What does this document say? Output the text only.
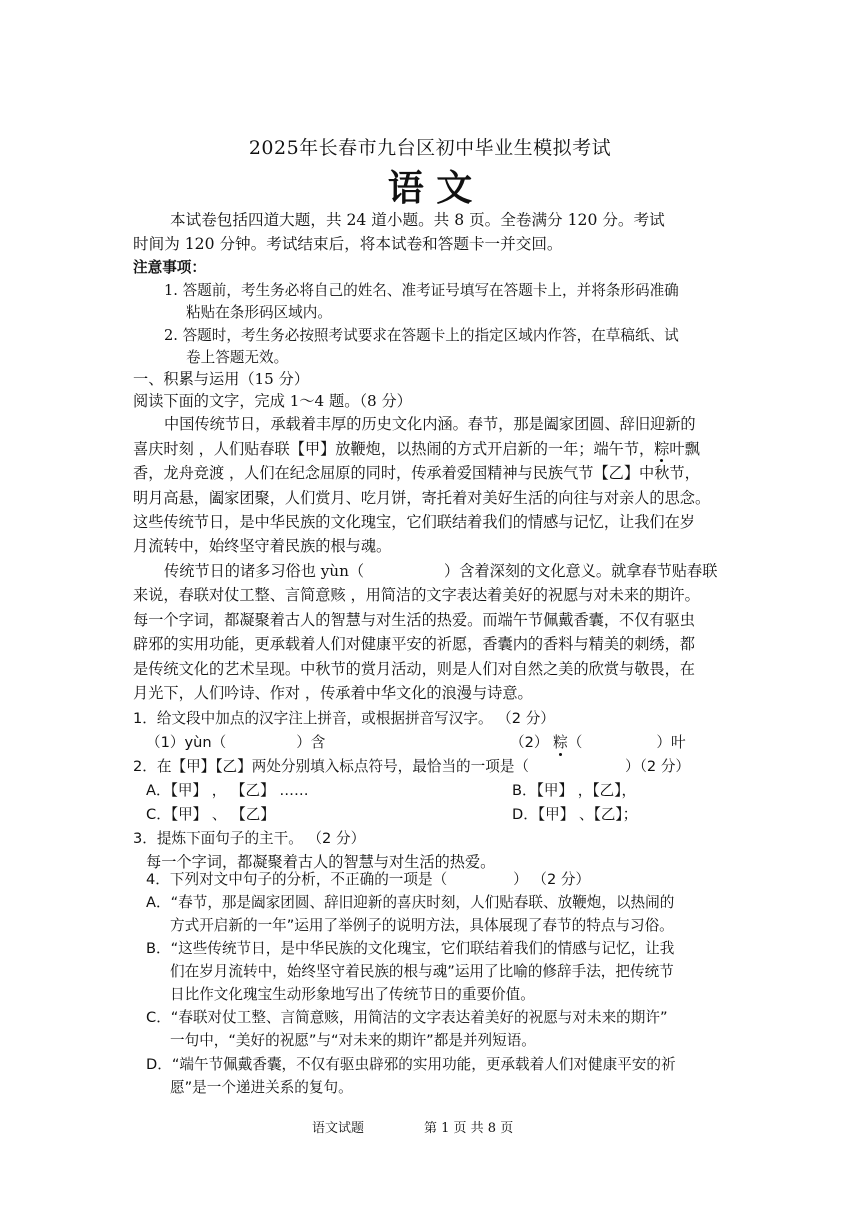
2025年长春市九台区初中毕业生模拟考试
语 文
本试卷包括四道大题，共 24 道小题。共 8 页。全卷满分 120 分。考试
时间为 120 分钟。考试结束后，将本试卷和答题卡一并交回。
注意事项：
1. 答题前，考生务必将自己的姓名、准考证号填写在答题卡上，并将条形码准确
粘贴在条形码区域内。
2. 答题时，考生务必按照考试要求在答题卡上的指定区域内作答，在草稿纸、试
卷上答题无效。
一、积累与运用（15 分）
阅读下面的文字，完成 1～4 题。（8 分）
中国传统节日，承载着丰厚的历史文化内涵。春节，那是阖家团圆、辞旧迎新的
喜庆时刻 ，人们贴春联【甲】放鞭炮，以热闹的方式开启新的一年；端午节，粽叶飘
香，龙舟竞渡 ，人们在纪念屈原的同时，传承着爱国精神与民族气节【乙】中秋节，
明月高悬，阖家团聚，人们赏月、吃月饼，寄托着对美好生活的向往与对亲人的思念。
这些传统节日，是中华民族的文化瑰宝，它们联结着我们的情感与记忆，让我们在岁
月流转中，始终坚守着民族的根与魂。
传统节日的诸多习俗也 yùn（	）含着深刻的文化意义。就拿春节贴春联
来说，春联对仗工整、言简意赅 ，用简洁的文字表达着美好的祝愿与对未来的期许。
每一个字词，都凝聚着古人的智慧与对生活的热爱。而端午节佩戴香囊，不仅有驱虫
辟邪的实用功能，更承载着人们对健康平安的祈愿，香囊内的香料与精美的刺绣，都
是传统文化的艺术呈现。中秋节的赏月活动，则是人们对自然之美的欣赏与敬畏，在
月光下，人们吟诗、作对 ，传承着中华文化的浪漫与诗意。
1．给文段中加点的汉字注上拼音，或根据拼音写汉字。 （2 分）
（1）yùn（	）含	（2） 粽（	）叶
2．在【甲】【乙】两处分别填入标点符号，最恰当的一项是（	）（2 分）
A．【甲】 ， 【乙】 ……	B．【甲】 ，【乙】，
C．【甲】 、 【乙】	D．【甲】 、【乙】；
3．提炼下面句子的主干。 （2 分）
每一个字词，都凝聚着古人的智慧与对生活的热爱。
4．下列对文中句子的分析，不正确的一项是（	） （2 分）
A．“春节，那是阖家团圆、辞旧迎新的喜庆时刻，人们贴春联、放鞭炮，以热闹的
方式开启新的一年”运用了举例子的说明方法，具体展现了春节的特点与习俗。
B．“这些传统节日，是中华民族的文化瑰宝，它们联结着我们的情感与记忆，让我
们在岁月流转中，始终坚守着民族的根与魂”运用了比喻的修辞手法，把传统节
日比作文化瑰宝生动形象地写出了传统节日的重要价值。
C．“春联对仗工整、言简意赅，用简洁的文字表达着美好的祝愿与对未来的期许”
一句中，“美好的祝愿”与“对未来的期许”都是并列短语。
D．“端午节佩戴香囊，不仅有驱虫辟邪的实用功能，更承载着人们对健康平安的祈
语文试题	第 1 页 共 8 页
愿”是一个递进关系的复句。
